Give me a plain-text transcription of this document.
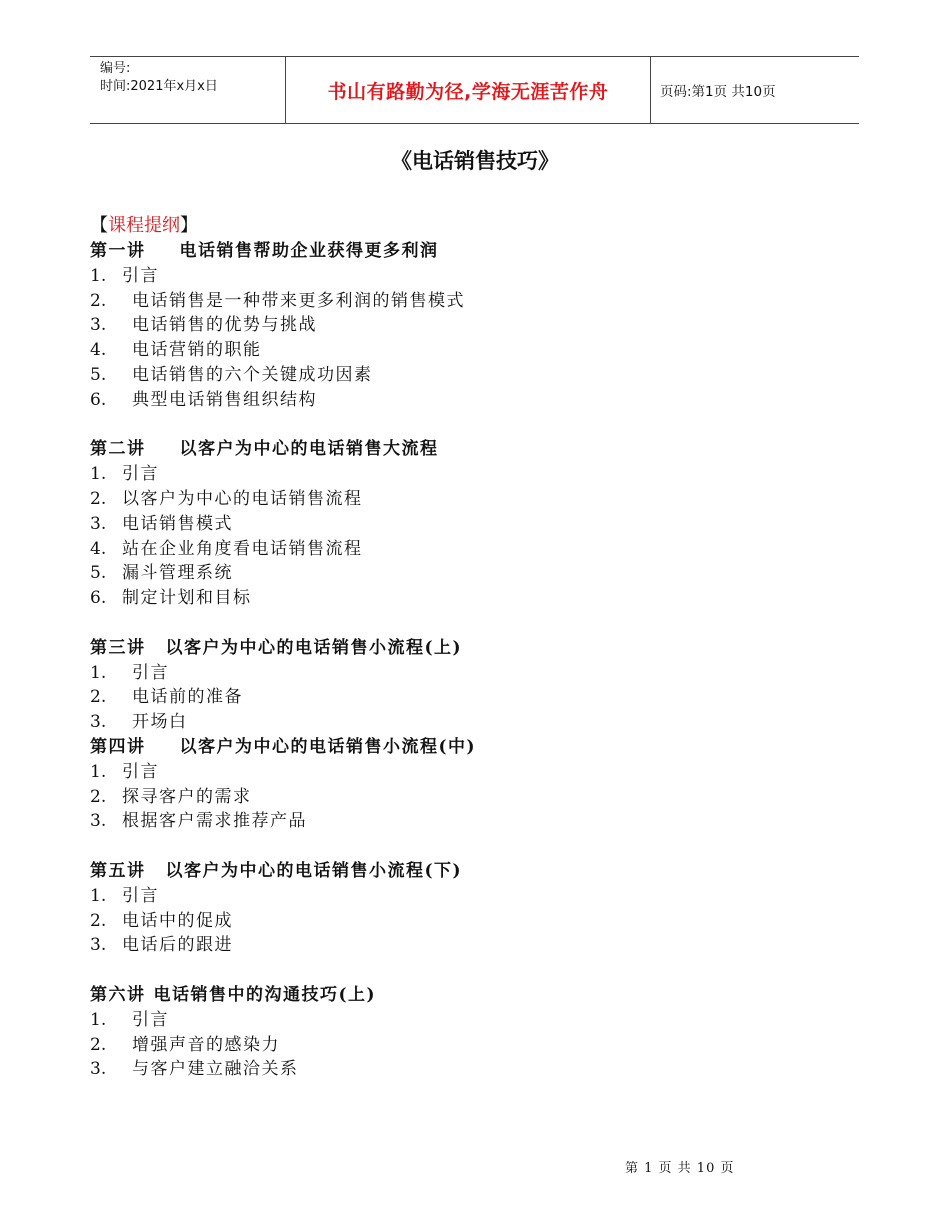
编号:
时间:2021年x月x日	书山有路勤为径,学海无涯苦作舟	页码:第1页 共10页
《电话销售技巧》
【课程提纲】
第一讲 电话销售帮助企业获得更多利润
1. 引言
2. 电话销售是一种带来更多利润的销售模式
3. 电话销售的优势与挑战
4. 电话营销的职能
5. 电话销售的六个关键成功因素
6. 典型电话销售组织结构
第二讲 以客户为中心的电话销售大流程
1. 引言
2. 以客户为中心的电话销售流程
3. 电话销售模式
4. 站在企业角度看电话销售流程
5. 漏斗管理系统
6. 制定计划和目标
第三讲 以客户为中心的电话销售小流程(上)
1. 引言
2. 电话前的准备
3. 开场白
第四讲 以客户为中心的电话销售小流程(中)
1. 引言
2. 探寻客户的需求
3. 根据客户需求推荐产品
第五讲 以客户为中心的电话销售小流程(下)
1. 引言
2. 电话中的促成
3. 电话后的跟进
第六讲 电话销售中的沟通技巧(上)
1. 引言
2. 增强声音的感染力
3. 与客户建立融洽关系
第 1 页 共 10 页
